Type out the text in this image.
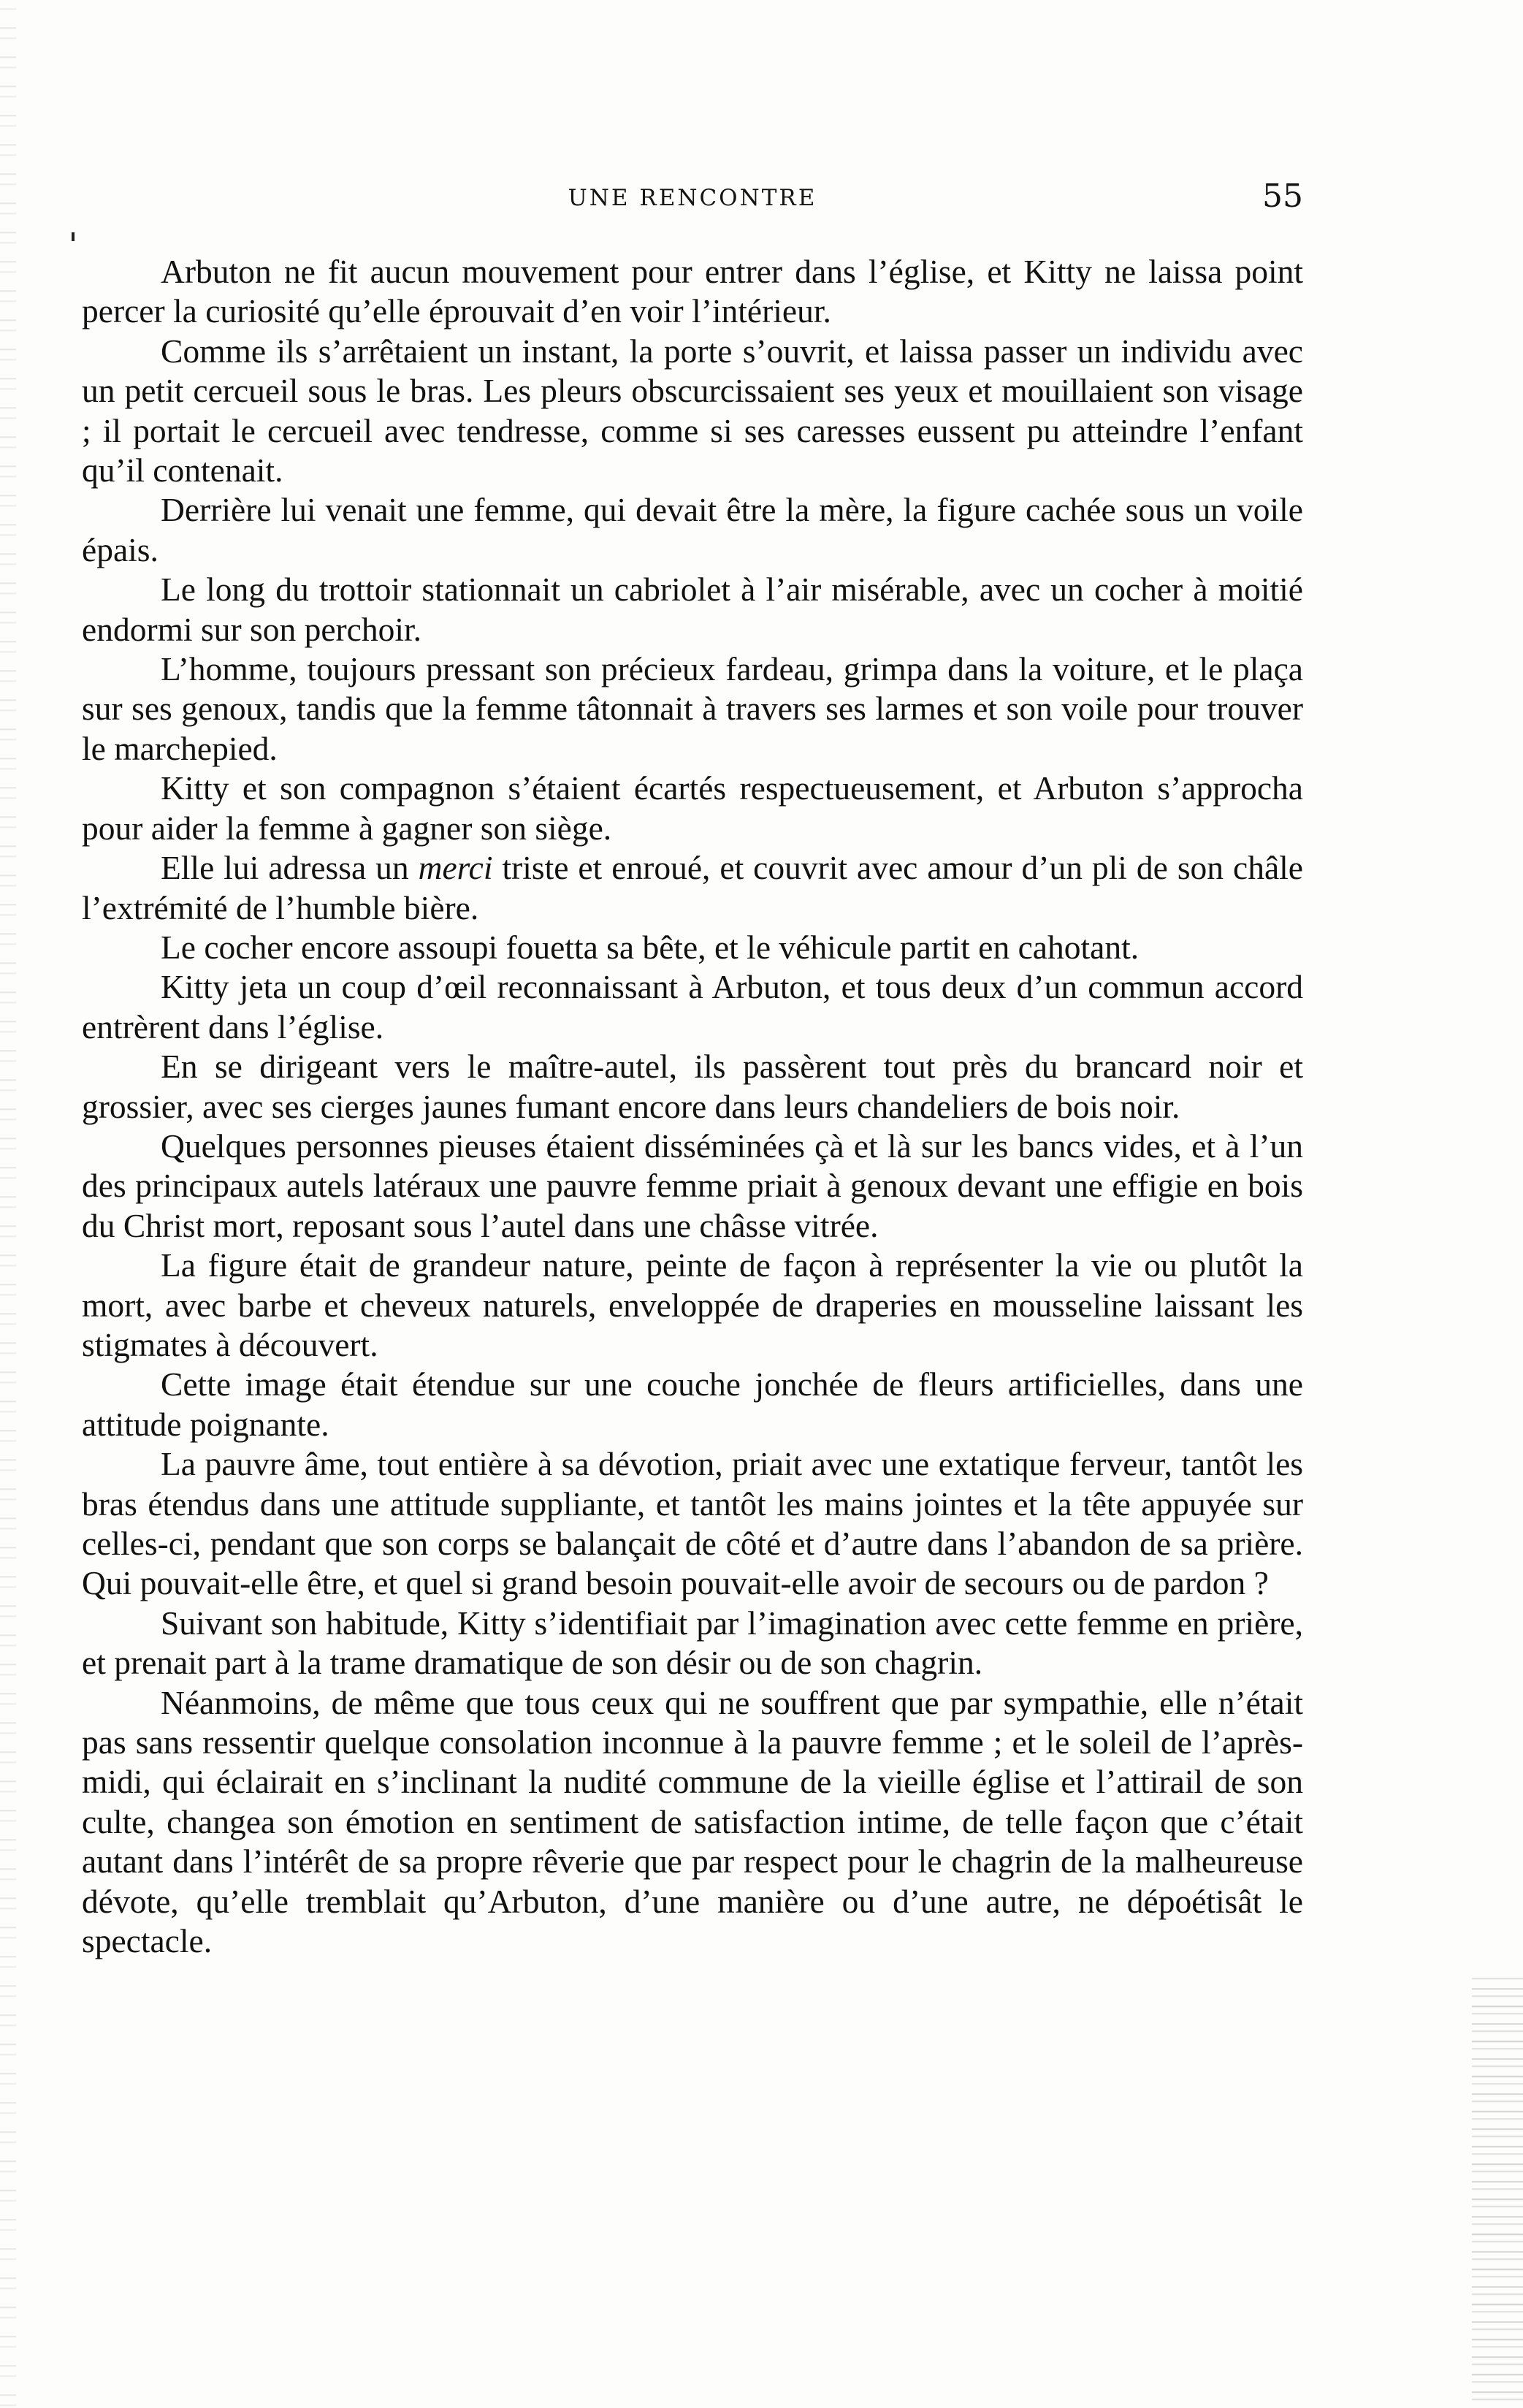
UNE RENCONTRE	55

Arbuton ne fit aucun mouvement pour entrer dans l’église, et Kitty ne laissa point percer la curiosité qu’elle éprouvait d’en voir l’intérieur.

Comme ils s’arrêtaient un instant, la porte s’ouvrit, et laissa passer un individu avec un petit cercueil sous le bras. Les pleurs obscurcissaient ses yeux et mouillaient son visage ; il portait le cercueil avec tendresse, comme si ses caresses eussent pu atteindre l’enfant qu’il contenait.

Derrière lui venait une femme, qui devait être la mère, la figure cachée sous un voile épais.

Le long du trottoir stationnait un cabriolet à l’air misérable, avec un cocher à moitié endormi sur son perchoir.

L’homme, toujours pressant son précieux fardeau, grimpa dans la voiture, et le plaça sur ses genoux, tandis que la femme tâtonnait à travers ses larmes et son voile pour trouver le marchepied.

Kitty et son compagnon s’étaient écartés respectueusement, et Arbuton s’approcha pour aider la femme à gagner son siège.

Elle lui adressa un merci triste et enroué, et couvrit avec amour d’un pli de son châle l’extrémité de l’humble bière.

Le cocher encore assoupi fouetta sa bête, et le véhicule partit en cahotant.

Kitty jeta un coup d’œil reconnaissant à Arbuton, et tous deux d’un commun accord entrèrent dans l’église.

En se dirigeant vers le maître-autel, ils passèrent tout près du brancard noir et grossier, avec ses cierges jaunes fumant encore dans leurs chandeliers de bois noir.

Quelques personnes pieuses étaient disséminées çà et là sur les bancs vides, et à l’un des principaux autels latéraux une pauvre femme priait à genoux devant une effigie en bois du Christ mort, reposant sous l’autel dans une châsse vitrée.

La figure était de grandeur nature, peinte de façon à représenter la vie ou plutôt la mort, avec barbe et cheveux naturels, enveloppée de draperies en mousseline laissant les stigmates à découvert.

Cette image était étendue sur une couche jonchée de fleurs artificielles, dans une attitude poignante.

La pauvre âme, tout entière à sa dévotion, priait avec une extatique ferveur, tantôt les bras étendus dans une attitude suppliante, et tantôt les mains jointes et la tête appuyée sur celles-ci, pendant que son corps se balançait de côté et d’autre dans l’abandon de sa prière. Qui pouvait-elle être, et quel si grand besoin pouvait-elle avoir de secours ou de pardon ?

Suivant son habitude, Kitty s’identifiait par l’imagination avec cette femme en prière, et prenait part à la trame dramatique de son désir ou de son chagrin.

Néanmoins, de même que tous ceux qui ne souffrent que par sympathie, elle n’était pas sans ressentir quelque consolation inconnue à la pauvre femme ; et le soleil de l’après-midi, qui éclairait en s’inclinant la nudité commune de la vieille église et l’attirail de son culte, changea son émotion en sentiment de satisfaction intime, de telle façon que c’était autant dans l’intérêt de sa propre rêverie que par respect pour le chagrin de la malheureuse dévote, qu’elle tremblait qu’Arbuton, d’une manière ou d’une autre, ne dépoétisât le spectacle.
